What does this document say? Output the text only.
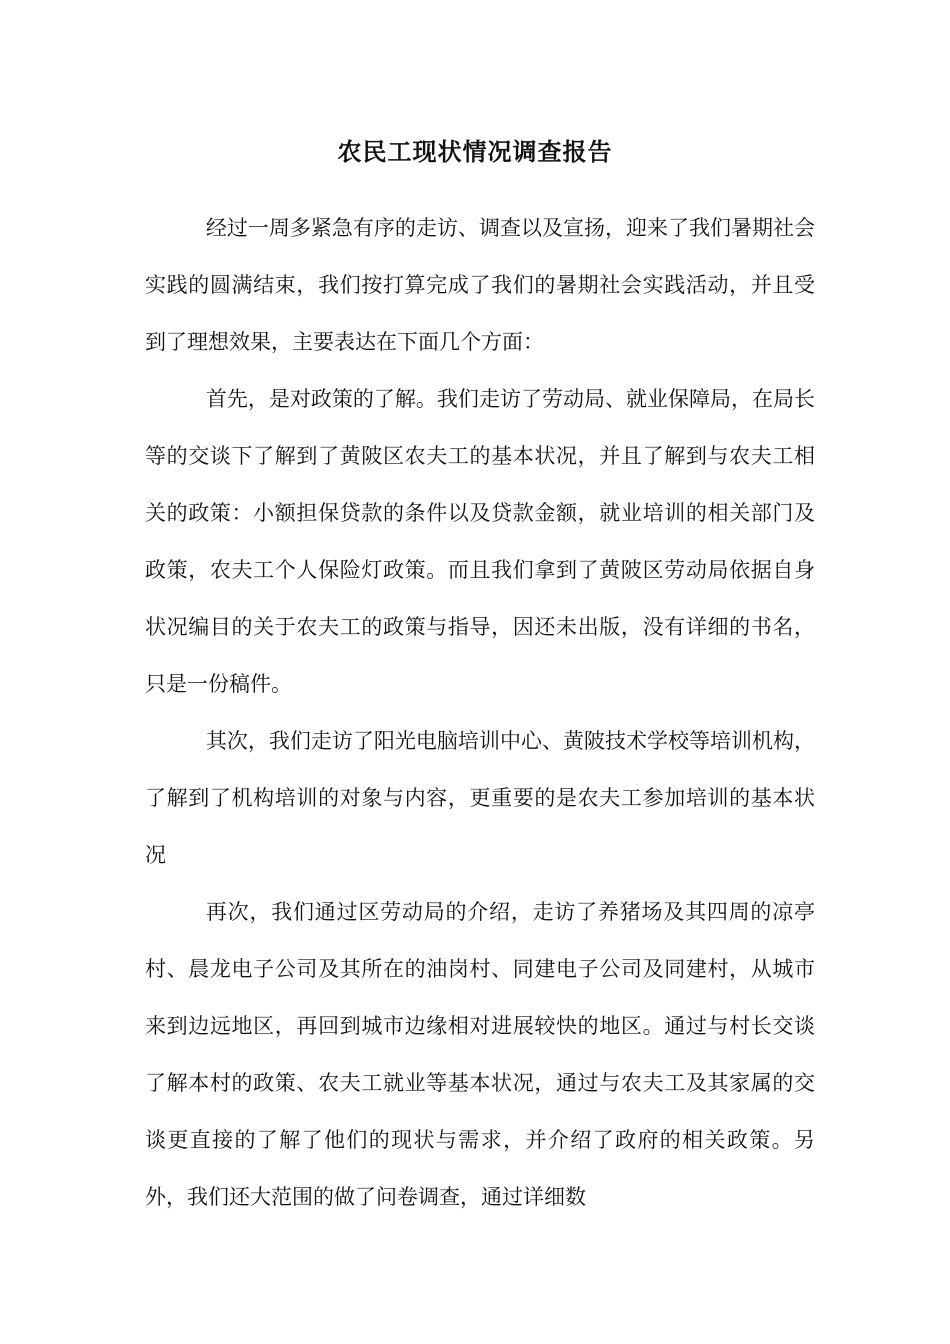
农民工现状情况调查报告

经过一周多紧急有序的走访、调查以及宣扬，迎来了我们暑期社会实践的圆满结束，我们按打算完成了我们的暑期社会实践活动，并且受到了理想效果，主要表达在下面几个方面：

首先，是对政策的了解。我们走访了劳动局、就业保障局，在局长等的交谈下了解到了黄陂区农夫工的基本状况，并且了解到与农夫工相关的政策：小额担保贷款的条件以及贷款金额，就业培训的相关部门及政策，农夫工个人保险灯政策。而且我们拿到了黄陂区劳动局依据自身状况编目的关于农夫工的政策与指导，因还未出版，没有详细的书名，只是一份稿件。

其次，我们走访了阳光电脑培训中心、黄陂技术学校等培训机构，了解到了机构培训的对象与内容，更重要的是农夫工参加培训的基本状况

再次，我们通过区劳动局的介绍，走访了养猪场及其四周的凉亭村、晨龙电子公司及其所在的油岗村、同建电子公司及同建村，从城市来到边远地区，再回到城市边缘相对进展较快的地区。通过与村长交谈了解本村的政策、农夫工就业等基本状况，通过与农夫工及其家属的交谈更直接的了解了他们的现状与需求，并介绍了政府的相关政策。另外，我们还大范围的做了问卷调查，通过详细数
